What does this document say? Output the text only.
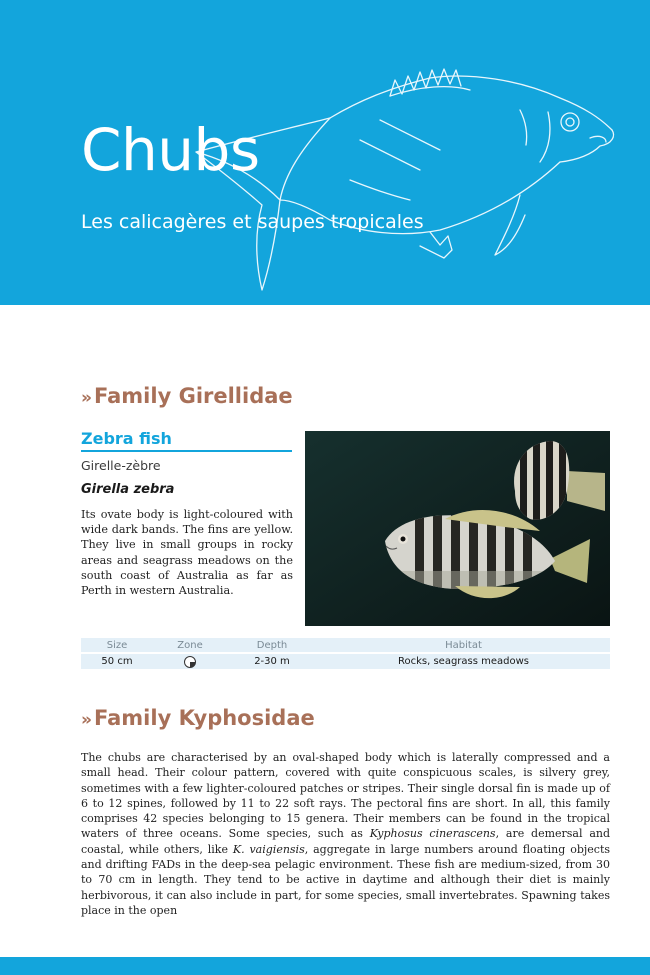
Chubs
Les calicagères et saupes tropicales
›› Family Girellidae
Zebra fish
Girelle-zèbre
Girella zebra
Its ovate body is light-coloured with wide dark bands. The fins are yellow. They live in small groups in rocky areas and seagrass meadows on the south coast of Australia as far as Perth in western Australia.
Size	Zone	Depth	Habitat
50 cm		2-30 m	Rocks, seagrass meadows
›› Family Kyphosidae
The chubs are characterised by an oval-shaped body which is laterally compressed and a small head. Their colour pattern, covered with quite conspicuous scales, is silvery grey, sometimes with a few lighter-coloured patches or stripes. Their single dorsal fin is made up of 6 to 12 spines, followed by 11 to 22 soft rays. The pectoral fins are short. In all, this family comprises 42 species belonging to 15 genera. Their members can be found in the tropical waters of three oceans. Some species, such as Kyphosus cinerascens, are demersal and coastal, while others, like K. vaigiensis, aggregate in large numbers around floating objects and drifting FADs in the deep-sea pelagic environment. These fish are medium-sized, from 30 to 70 cm in length. They tend to be active in daytime and although their diet is mainly herbivorous, it can also include in part, for some species, small invertebrates. Spawning takes place in the open
